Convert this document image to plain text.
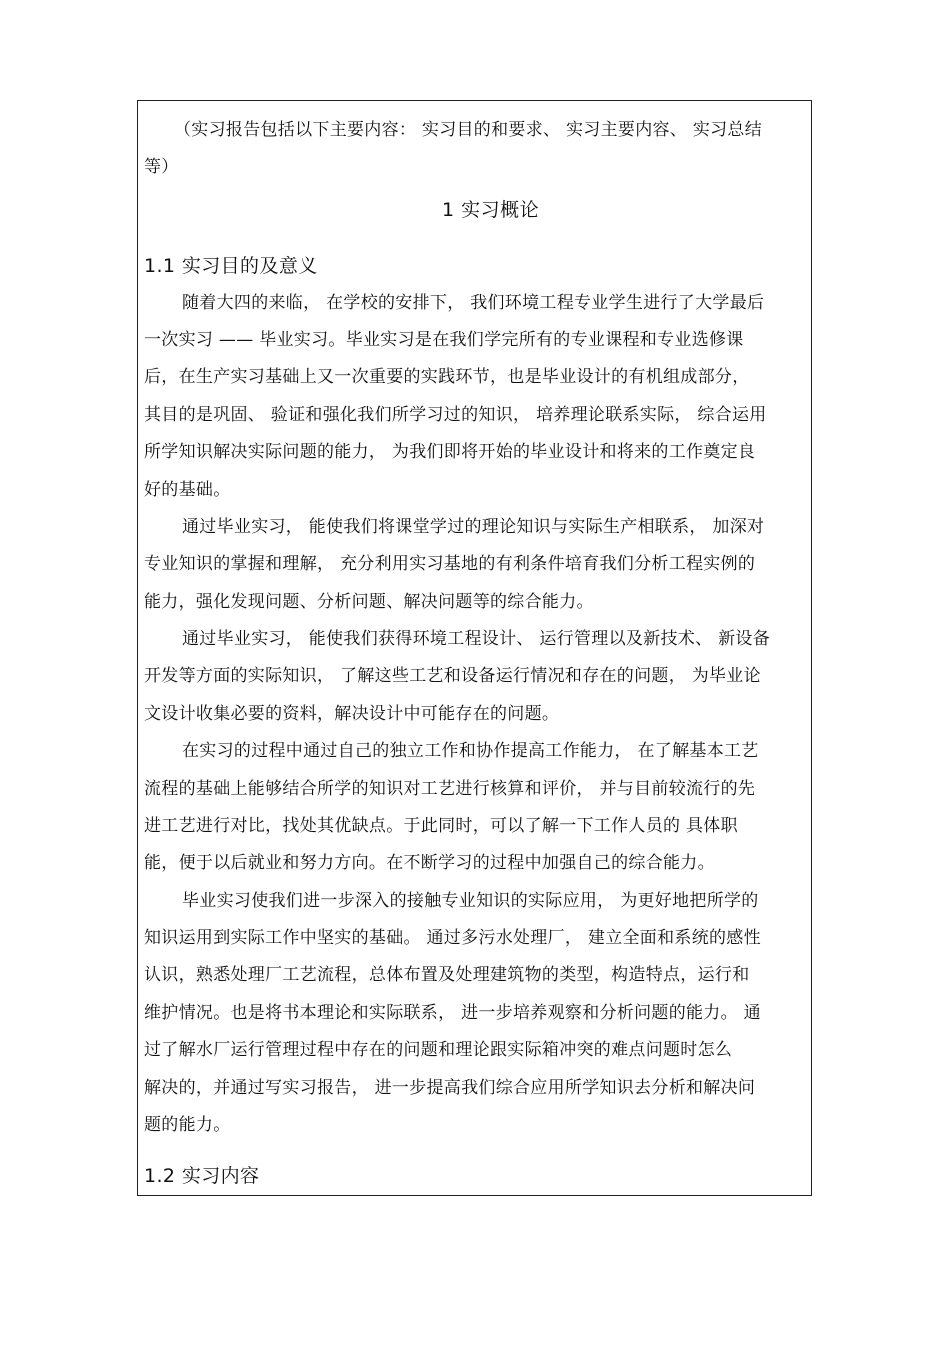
（实习报告包括以下主要内容： 实习目的和要求、 实习主要内容、 实习总结
等）
1 实习概论
1.1 实习目的及意义
随着大四的来临， 在学校的安排下， 我们环境工程专业学生进行了大学最后
一次实习 —— 毕业实习。毕业实习是在我们学完所有的专业课程和专业选修课
后，在生产实习基础上又一次重要的实践环节，也是毕业设计的有机组成部分，
其目的是巩固、 验证和强化我们所学习过的知识， 培养理论联系实际， 综合运用
所学知识解决实际问题的能力， 为我们即将开始的毕业设计和将来的工作奠定良
好的基础。
通过毕业实习， 能使我们将课堂学过的理论知识与实际生产相联系， 加深对
专业知识的掌握和理解， 充分利用实习基地的有利条件培育我们分析工程实例的
能力，强化发现问题、分析问题、解决问题等的综合能力。
通过毕业实习， 能使我们获得环境工程设计、 运行管理以及新技术、 新设备
开发等方面的实际知识， 了解这些工艺和设备运行情况和存在的问题， 为毕业论
文设计收集必要的资料，解决设计中可能存在的问题。
在实习的过程中通过自己的独立工作和协作提高工作能力， 在了解基本工艺
流程的基础上能够结合所学的知识对工艺进行核算和评价， 并与目前较流行的先
进工艺进行对比，找处其优缺点。于此同时，可以了解一下工作人员的 具体职
能，便于以后就业和努力方向。在不断学习的过程中加强自己的综合能力。
毕业实习使我们进一步深入的接触专业知识的实际应用， 为更好地把所学的
知识运用到实际工作中坚实的基础。 通过多污水处理厂， 建立全面和系统的感性
认识，熟悉处理厂工艺流程，总体布置及处理建筑物的类型，构造特点，运行和
维护情况。也是将书本理论和实际联系， 进一步培养观察和分析问题的能力。 通
过了解水厂运行管理过程中存在的问题和理论跟实际箱冲突的难点问题时怎么
解决的，并通过写实习报告， 进一步提高我们综合应用所学知识去分析和解决问
题的能力。
1.2 实习内容
